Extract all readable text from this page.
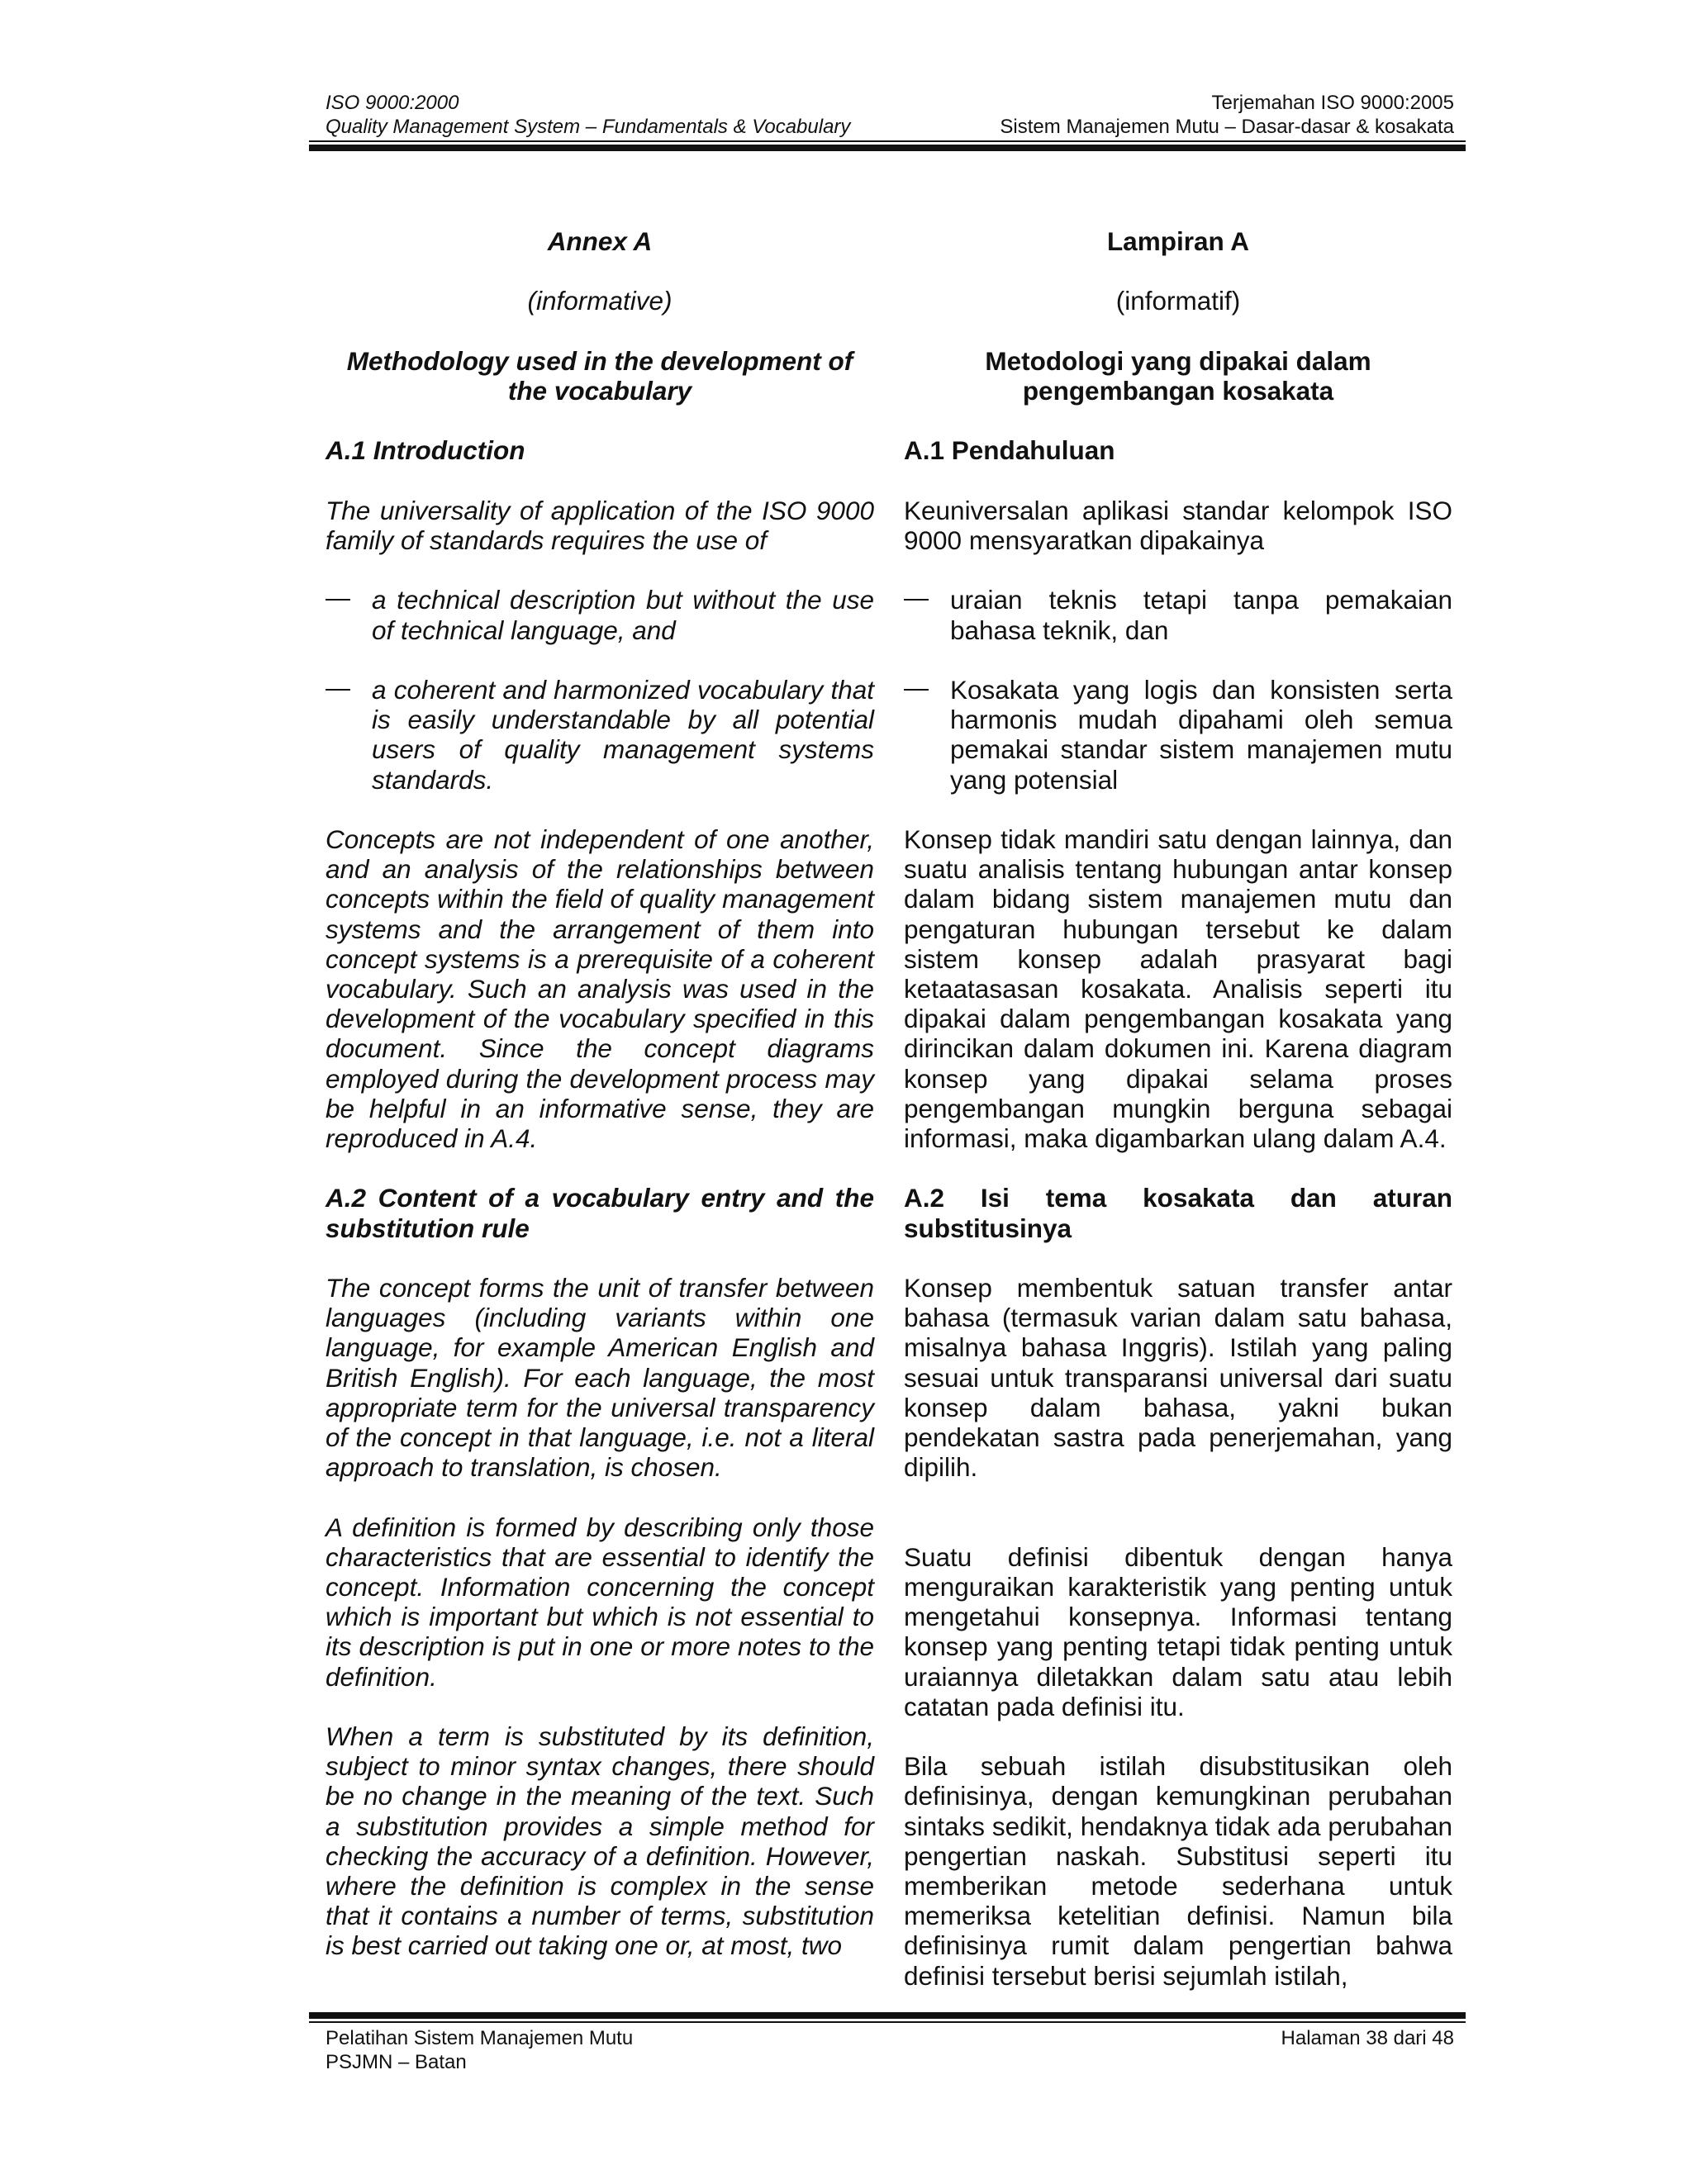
ISO 9000:2000
Quality Management System – Fundamentals & Vocabulary
Terjemahan ISO 9000:2005
Sistem Manajemen Mutu – Dasar-dasar & kosakata

Annex A

(informative)

Methodology used in the development of the vocabulary

A.1 Introduction

The universality of application of the ISO 9000 family of standards requires the use of

a technical description but without the use of technical language, and
a coherent and harmonized vocabulary that is easily understandable by all potential users of quality management systems standards.

Concepts are not independent of one another, and an analysis of the relationships between concepts within the field of quality management systems and the arrangement of them into concept systems is a prerequisite of a coherent vocabulary. Such an analysis was used in the development of the vocabulary specified in this document. Since the concept diagrams employed during the development process may be helpful in an informative sense, they are reproduced in A.4.

A.2 Content of a vocabulary entry and the substitution rule

The concept forms the unit of transfer between languages (including variants within one language, for example American English and British English). For each language, the most appropriate term for the universal transparency of the concept in that language, i.e. not a literal approach to translation, is chosen.

A definition is formed by describing only those characteristics that are essential to identify the concept. Information concerning the concept which is important but which is not essential to its description is put in one or more notes to the definition.

When a term is substituted by its definition, subject to minor syntax changes, there should be no change in the meaning of the text. Such a substitution provides a simple method for checking the accuracy of a definition. However, where the definition is complex in the sense that it contains a number of terms, substitution is best carried out taking one or, at most, two

Lampiran A

(informatif)

Metodologi yang dipakai dalam pengembangan kosakata

A.1 Pendahuluan

Keuniversalan aplikasi standar kelompok ISO 9000 mensyaratkan dipakainya

uraian teknis tetapi tanpa pemakaian bahasa teknik, dan
Kosakata yang logis dan konsisten serta harmonis mudah dipahami oleh semua pemakai standar sistem manajemen mutu yang potensial

Konsep tidak mandiri satu dengan lainnya, dan suatu analisis tentang hubungan antar konsep dalam bidang sistem manajemen mutu dan pengaturan hubungan tersebut ke dalam sistem konsep adalah prasyarat bagi ketaatasasan kosakata. Analisis seperti itu dipakai dalam pengembangan kosakata yang dirincikan dalam dokumen ini. Karena diagram konsep yang dipakai selama proses pengembangan mungkin berguna sebagai informasi, maka digambarkan ulang dalam A.4.

A.2 Isi tema kosakata dan aturan substitusinya

Konsep membentuk satuan transfer antar bahasa (termasuk varian dalam satu bahasa, misalnya bahasa Inggris). Istilah yang paling sesuai untuk transparansi universal dari suatu konsep dalam bahasa, yakni bukan pendekatan sastra pada penerjemahan, yang dipilih.

Suatu definisi dibentuk dengan hanya menguraikan karakteristik yang penting untuk mengetahui konsepnya. Informasi tentang konsep yang penting tetapi tidak penting untuk uraiannya diletakkan dalam satu atau lebih catatan pada definisi itu.

Bila sebuah istilah disubstitusikan oleh definisinya, dengan kemungkinan perubahan sintaks sedikit, hendaknya tidak ada perubahan pengertian naskah. Substitusi seperti itu memberikan metode sederhana untuk memeriksa ketelitian definisi. Namun bila definisinya rumit dalam pengertian bahwa definisi tersebut berisi sejumlah istilah,

Pelatihan Sistem Manajemen Mutu
PSJMN – Batan
Halaman 38 dari 48
